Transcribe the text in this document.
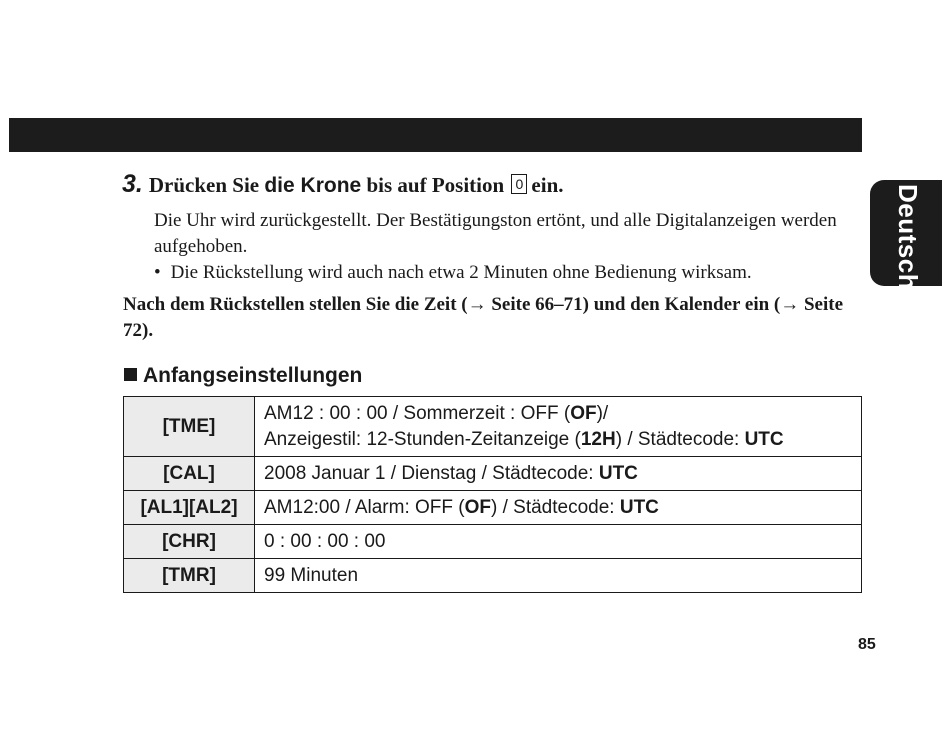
Deutsch
3. Drücken Sie die Krone bis auf Position 0 ein.

Die Uhr wird zurückgestellt. Der Bestätigungston ertönt, und alle Digitalanzeigen werden aufgehoben.

• Die Rückstellung wird auch nach etwa 2 Minuten ohne Bedienung wirksam.

Nach dem Rückstellen stellen Sie die Zeit (→ Seite 66–71) und den Kalender ein (→ Seite 72).

Anfangseinstellungen
[TME]	AM12 : 00 : 00 / Sommerzeit : OFF (OF)/
Anzeigestil: 12-Stunden-Zeitanzeige (12H) / Städtecode: UTC

[CAL]	2008 Januar 1 / Dienstag / Städtecode: UTC
[AL1][AL2]	AM12:00 / Alarm: OFF (OF) / Städtecode: UTC
[CHR]	0 : 00 : 00 : 00
[TMR]	99 Minuten
85
